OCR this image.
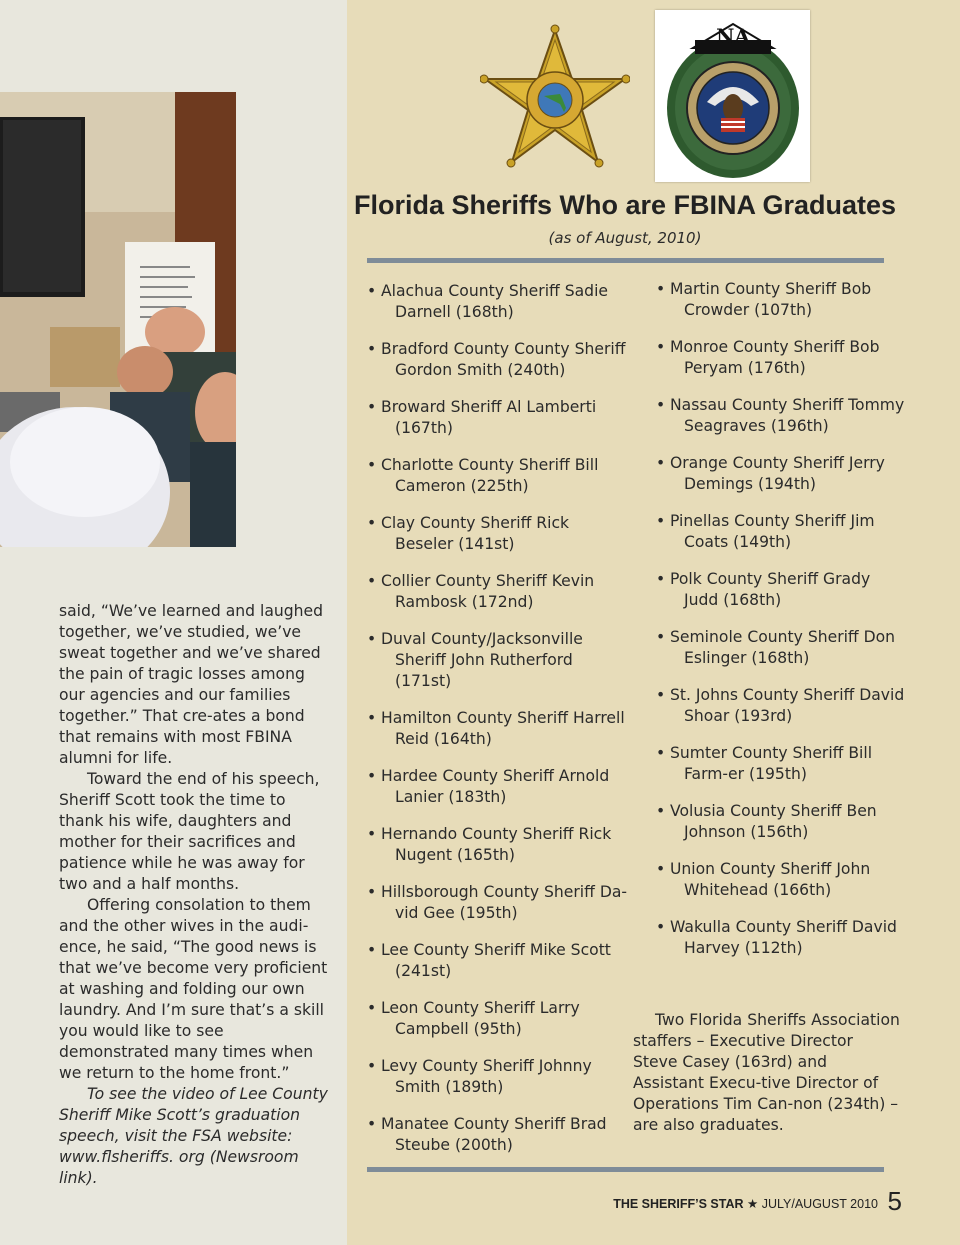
said, “We’ve learned and laughed together, we’ve studied, we’ve sweat together and we’ve shared the pain of tragic losses among our agencies and our families together.” That cre-ates a bond that remains with most FBINA alumni for life.

Toward the end of his speech, Sheriff Scott took the time to thank his wife, daughters and mother for their sacrifices and patience while he was away for two and a half months.

Offering consolation to them and the other wives in the audi-ence, he said, “The good news is that we’ve become very proficient at washing and folding our own laundry. And I’m sure that’s a skill you would like to see demonstrated many times when we return to the home front.”

To see the video of Lee County Sheriff Mike Scott’s graduation speech, visit the FSA website: www.flsheriffs. org (Newsroom link).

NA
Florida Sheriffs Who are FBINA Graduates
(as of August, 2010)
• Alachua County Sheriff Sadie Darnell (168th)
• Bradford County County Sheriff Gordon Smith (240th)
• Broward Sheriff Al Lamberti (167th)
• Charlotte County Sheriff Bill Cameron (225th)
• Clay County Sheriff Rick Beseler (141st)
• Collier County Sheriff Kevin Rambosk (172nd)
• Duval County/Jacksonville Sheriff John Rutherford (171st)
• Hamilton County Sheriff Harrell Reid (164th)
• Hardee County Sheriff Arnold Lanier (183th)
• Hernando County Sheriff Rick Nugent (165th)
• Hillsborough County Sheriff Da-vid Gee (195th)
• Lee County Sheriff Mike Scott (241st)
• Leon County Sheriff Larry Campbell (95th)
• Levy County Sheriff Johnny Smith (189th)
• Manatee County Sheriff Brad Steube (200th)
• Martin County Sheriff Bob Crowder (107th)
• Monroe County Sheriff Bob Peryam (176th)
• Nassau County Sheriff Tommy Seagraves (196th)
• Orange County Sheriff Jerry Demings (194th)
• Pinellas County Sheriff Jim Coats (149th)
• Polk County Sheriff Grady Judd (168th)
• Seminole County Sheriff Don Eslinger (168th)
• St. Johns County Sheriff David Shoar (193rd)
• Sumter County Sheriff Bill Farm-er (195th)
• Volusia County Sheriff Ben Johnson (156th)
• Union County Sheriff John Whitehead (166th)
• Wakulla County Sheriff David Harvey (112th)
Two Florida Sheriffs Association staffers – Executive Director Steve Casey (163rd) and Assistant Execu-tive Director of Operations Tim Can-non (234th) – are also graduates.
THE SHERIFF’S STAR ★ JULY/AUGUST 2010 5
